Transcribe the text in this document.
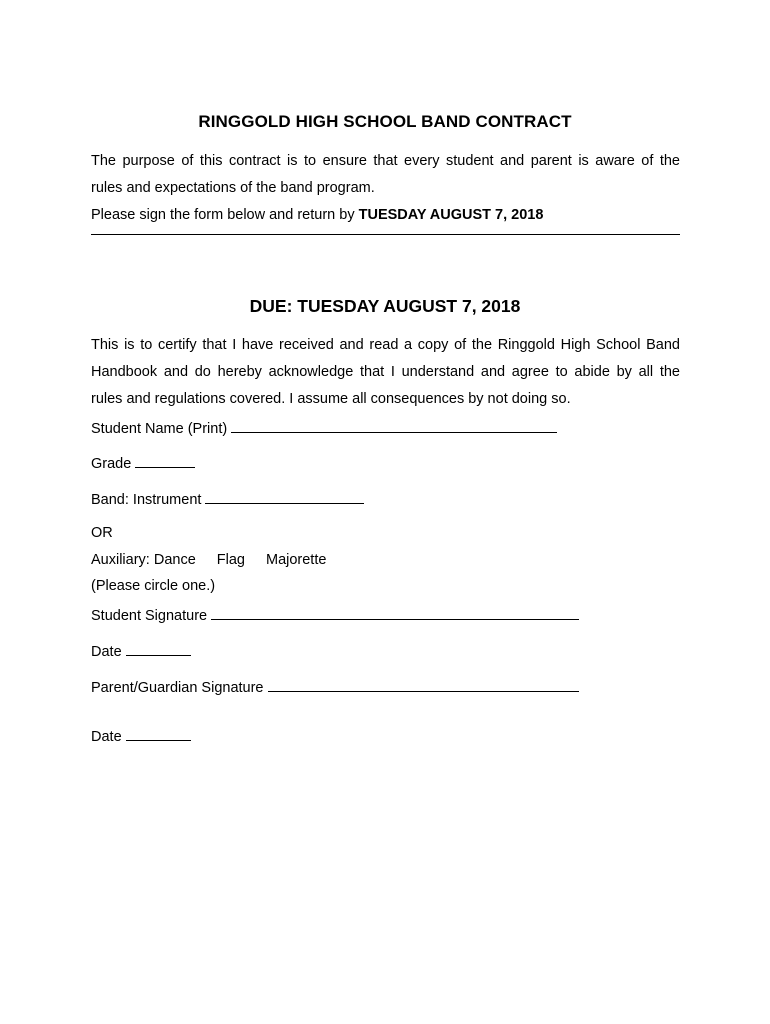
RINGGOLD HIGH SCHOOL BAND CONTRACT
The purpose of this contract is to ensure that every student and parent is aware of the
rules and expectations of the band program.
Please sign the form below and return by TUESDAY AUGUST 7, 2018
DUE: TUESDAY AUGUST 7, 2018
This is to certify that I have received and read a copy of the Ringgold High School Band
Handbook and do hereby acknowledge that I understand and agree to abide by all the
rules and regulations covered. I assume all consequences by not doing so.
Student Name (Print)
Grade
Band: Instrument
OR
Auxiliary: Dance Flag Majorette
(Please circle one.)
Student Signature
Date
Parent/Guardian Signature
Date
